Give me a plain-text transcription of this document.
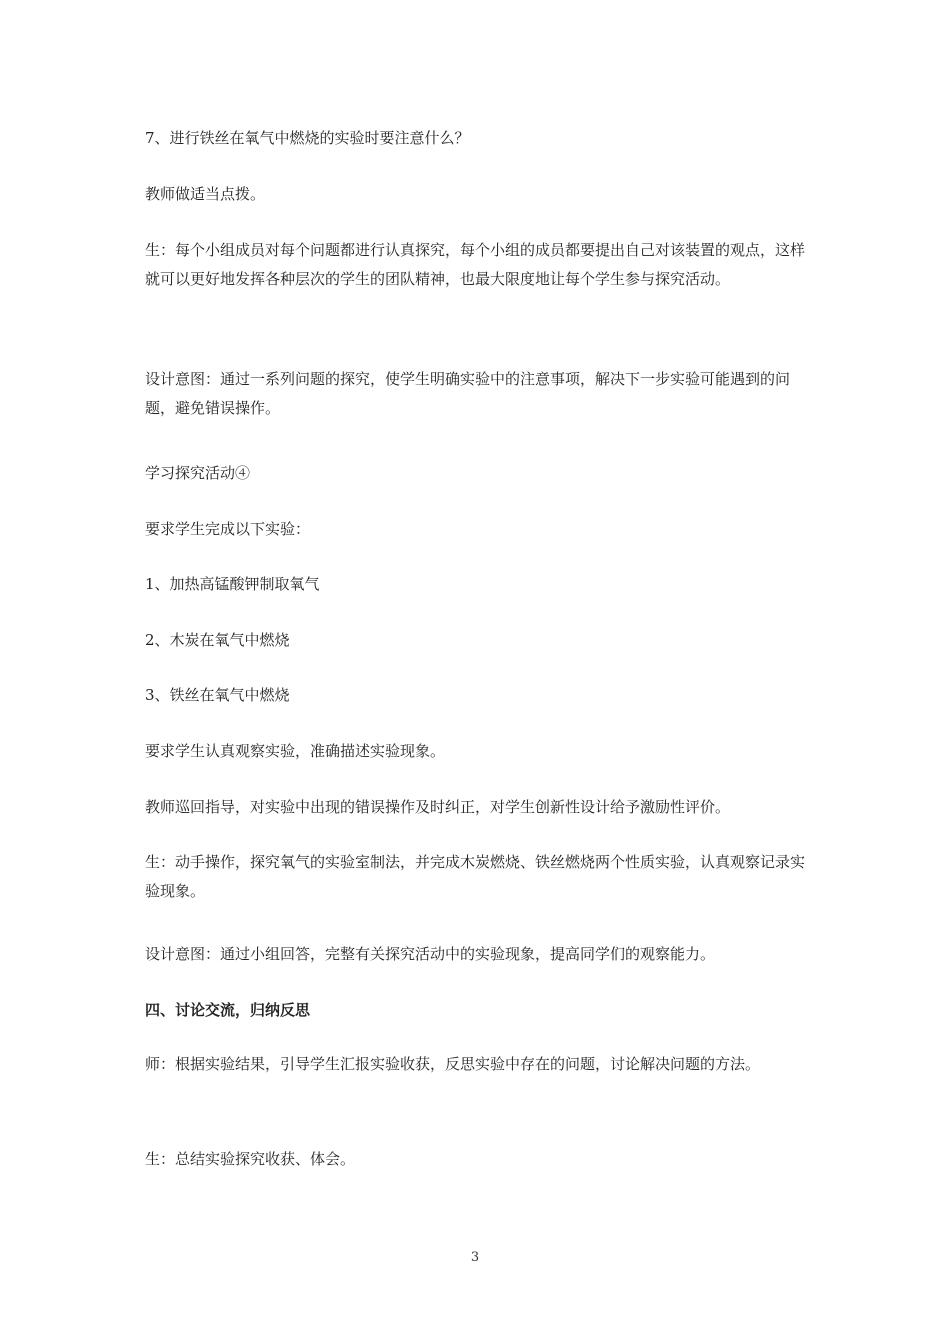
7、进行铁丝在氧气中燃烧的实验时要注意什么？

教师做适当点拨。

生：每个小组成员对每个问题都进行认真探究，每个小组的成员都要提出自己对该装置的观点，这样就可以更好地发挥各种层次的学生的团队精神，也最大限度地让每个学生参与探究活动。

设计意图：通过一系列问题的探究，使学生明确实验中的注意事项，解决下一步实验可能遇到的问题，避免错误操作。

学习探究活动④

要求学生完成以下实验：

1、加热高锰酸钾制取氧气

2、木炭在氧气中燃烧

3、铁丝在氧气中燃烧

要求学生认真观察实验，准确描述实验现象。

教师巡回指导，对实验中出现的错误操作及时纠正，对学生创新性设计给予激励性评价。

生：动手操作，探究氧气的实验室制法，并完成木炭燃烧、铁丝燃烧两个性质实验，认真观察记录实验现象。

设计意图：通过小组回答，完整有关探究活动中的实验现象，提高同学们的观察能力。

四、讨论交流，归纳反思

师：根据实验结果，引导学生汇报实验收获，反思实验中存在的问题，讨论解决问题的方法。

生：总结实验探究收获、体会。

3
